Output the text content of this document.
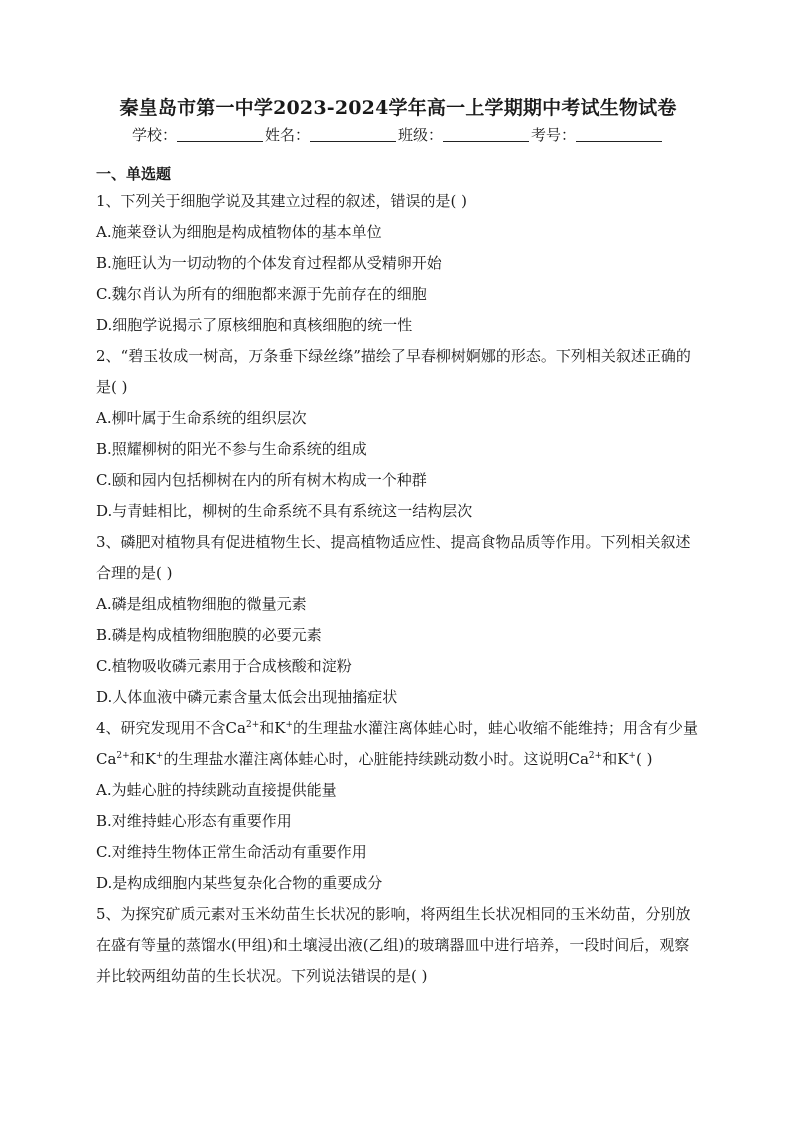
秦皇岛市第一中学2023-2024学年高一上学期期中考试生物试卷
学校：	姓名：	班级：	考号：
一、单选题

1、下列关于细胞学说及其建立过程的叙述，错误的是( )

A.施莱登认为细胞是构成植物体的基本单位

B.施旺认为一切动物的个体发育过程都从受精卵开始

C.魏尔肖认为所有的细胞都来源于先前存在的细胞

D.细胞学说揭示了原核细胞和真核细胞的统一性

2、“碧玉妆成一树高，万条垂下绿丝绦”描绘了早春柳树婀娜的形态。下列相关叙述正确的是( )

A.柳叶属于生命系统的组织层次

B.照耀柳树的阳光不参与生命系统的组成

C.颐和园内包括柳树在内的所有树木构成一个种群

D.与青蛙相比，柳树的生命系统不具有系统这一结构层次

3、磷肥对植物具有促进植物生长、提高植物适应性、提高食物品质等作用。下列相关叙述合理的是( )

A.磷是组成植物细胞的微量元素

B.磷是构成植物细胞膜的必要元素

C.植物吸收磷元素用于合成核酸和淀粉

D.人体血液中磷元素含量太低会出现抽搐症状

4、研究发现用不含$Ca^{2+}$和K+的生理盐水灌注离体蛙心时，蛙心收缩不能维持；用含有少量$Ca^{2+}$和K+的生理盐水灌注离体蛙心时，心脏能持续跳动数小时。这说明$Ca^{2+}$和K+( )

A.为蛙心脏的持续跳动直接提供能量

B.对维持蛙心形态有重要作用

C.对维持生物体正常生命活动有重要作用

D.是构成细胞内某些复杂化合物的重要成分

5、为探究矿质元素对玉米幼苗生长状况的影响，将两组生长状况相同的玉米幼苗，分别放在盛有等量的蒸馏水(甲组)和土壤浸出液(乙组)的玻璃器皿中进行培养，一段时间后，观察并比较两组幼苗的生长状况。下列说法错误的是( )
